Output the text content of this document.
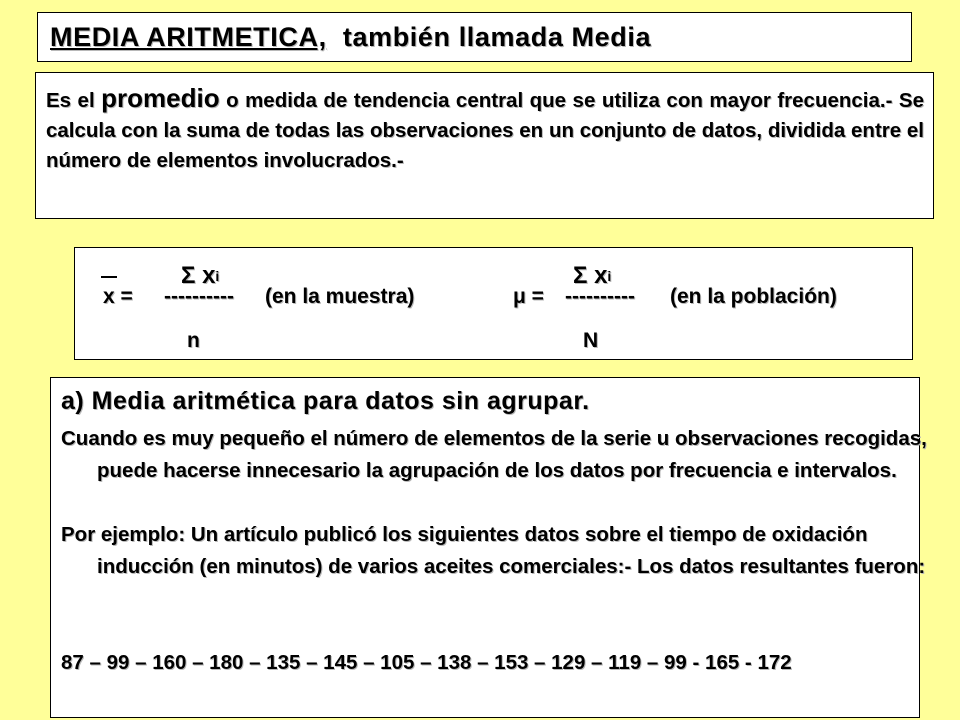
MEDIA ARITMETICA, también llamada Media
Es el promedio o medida de tendencia central que se utiliza con mayor frecuencia.- Se calcula con la suma de todas las observaciones en un conjunto de datos, dividida entre el número de elementos involucrados.-
Σ $x_i$	Σ $x_i$
x = ---------- (en la muestra)	μ = ---------- (en la población)
n	N
a) Media aritmética para datos sin agrupar.
Cuando es muy pequeño el número de elementos de la serie u observaciones recogidas, puede hacerse innecesario la agrupación de los datos por frecuencia e intervalos.
Por ejemplo: Un artículo publicó los siguientes datos sobre el tiempo de oxidación inducción (en minutos) de varios aceites comerciales:- Los datos resultantes fueron:
87 – 99 – 160 – 180 – 135 – 145 – 105 – 138 – 153 – 129 – 119 – 99 - 165 - 172
